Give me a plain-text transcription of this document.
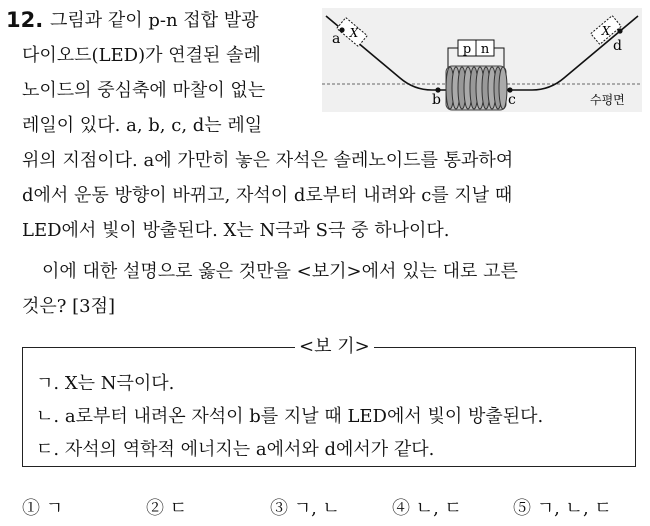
12. 그림과 같이 p-n 접합 발광
다이오드(LED)가 연결된 솔레
노이드의 중심축에 마찰이 없는
레일이 있다. a, b, c, d는 레일
위의 지점이다. a에 가만히 놓은 자석은 솔레노이드를 통과하여
d에서 운동 방향이 바뀌고, 자석이 d로부터 내려와 c를 지날 때
LED에서 빛이 방출된다. X는 N극과 S극 중 하나이다.
이에 대한 설명으로 옳은 것만을 <보기>에서 있는 대로 고른
것은? [3점]
X	X
a	d
b	c
p n
수평면
<보 기>
ㄱ. X는 N극이다.
ㄴ. a로부터 내려온 자석이 b를 지날 때 LED에서 빛이 방출된다.
ㄷ. 자석의 역학적 에너지는 a에서와 d에서가 같다.
① ㄱ	② ㄷ	③ ㄱ, ㄴ	④ ㄴ, ㄷ	⑤ ㄱ, ㄴ, ㄷ
